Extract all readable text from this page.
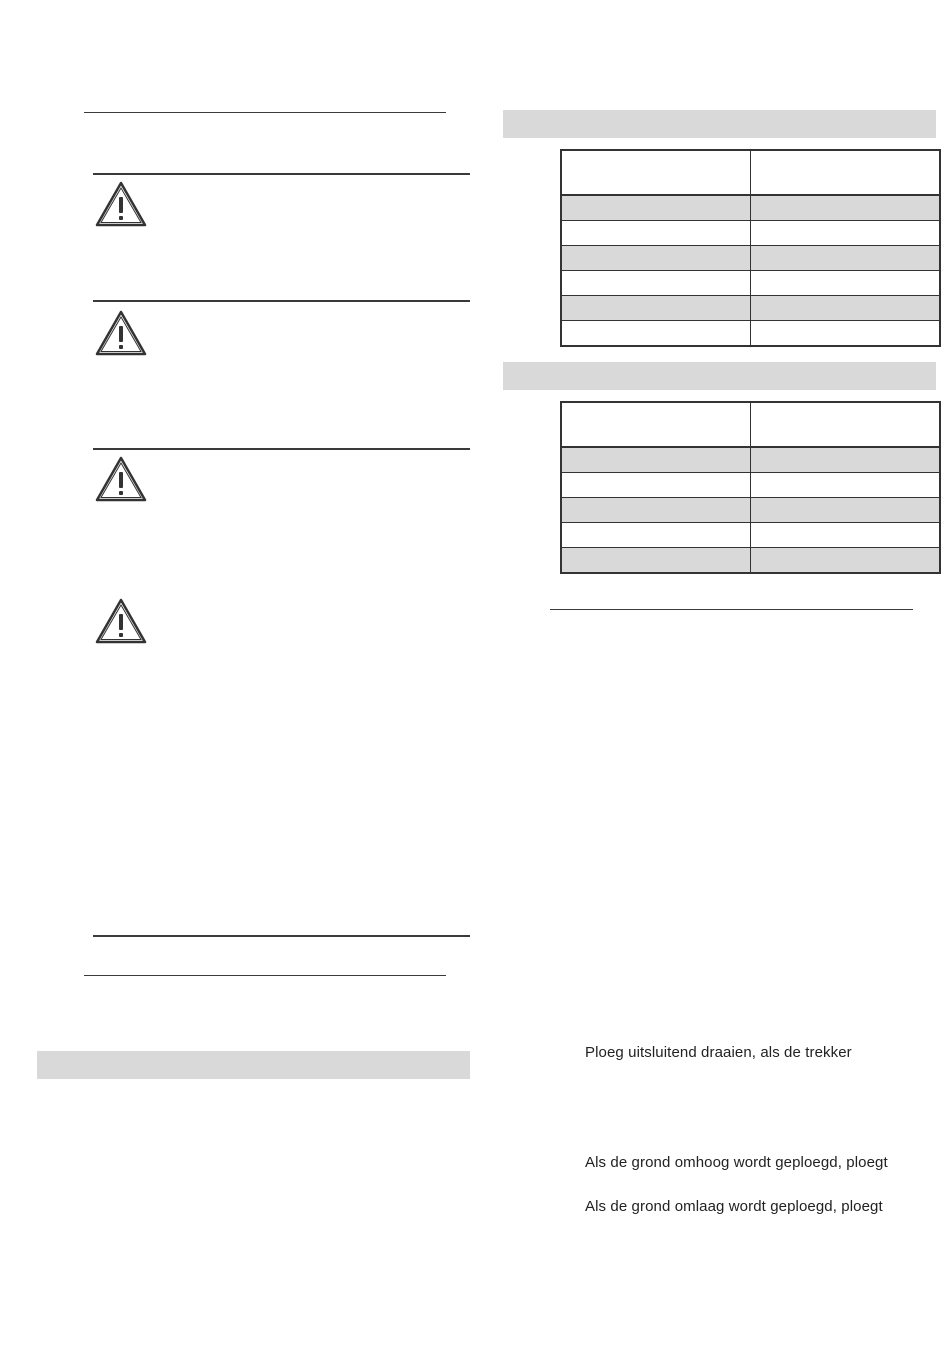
Ploeg uitsluitend draaien, als de trekker
Als de grond omhoog wordt geploegd, ploegt
Als de grond omlaag wordt geploegd, ploegt
